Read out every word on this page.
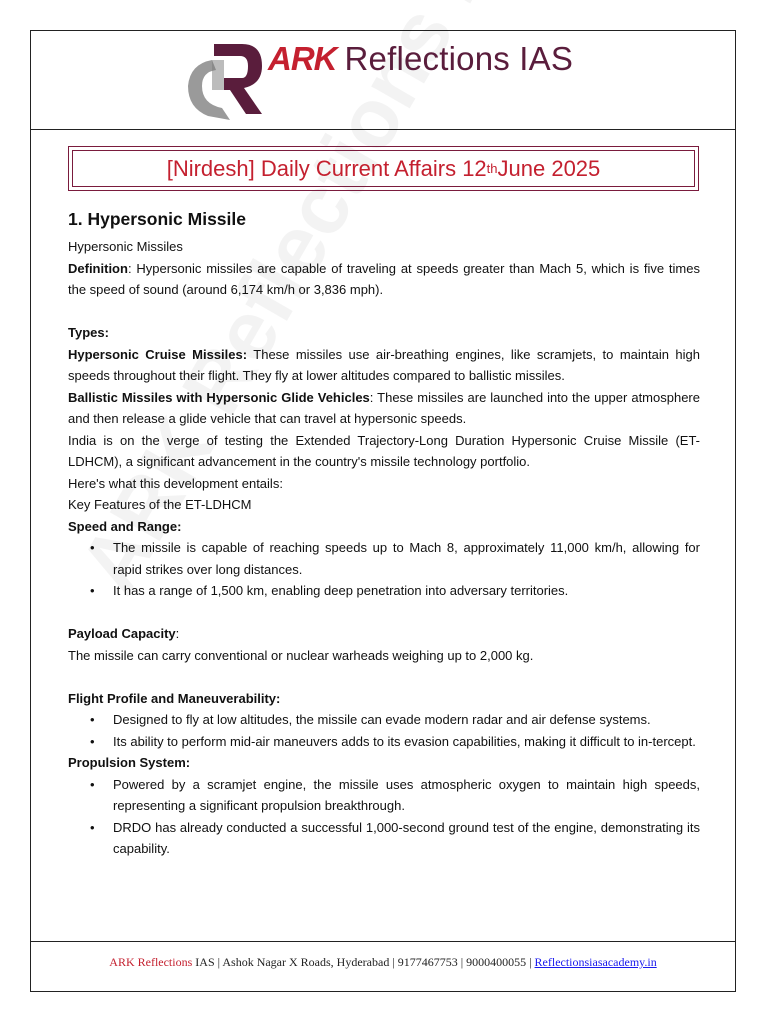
ARK Reflections IAS
[Nirdesh] Daily Current Affairs 12 th June 2025
1. Hypersonic Missile

Hypersonic Missiles

Definition: Hypersonic missiles are capable of traveling at speeds greater than Mach 5, which is five times the speed of sound (around 6,174 km/h or 3,836 mph).

Types:

Hypersonic Cruise Missiles: These missiles use air-breathing engines, like scramjets, to maintain high speeds throughout their flight. They fly at lower altitudes compared to ballistic missiles.

Ballistic Missiles with Hypersonic Glide Vehicles: These missiles are launched into the upper atmosphere and then release a glide vehicle that can travel at hypersonic speeds.

India is on the verge of testing the Extended Trajectory-Long Duration Hypersonic Cruise Missile (ET-LDHCM), a significant advancement in the country's missile technology portfolio.

Here's what this development entails:

Key Features of the ET-LDHCM

Speed and Range:

• The missile is capable of reaching speeds up to Mach 8, approximately 11,000 km/h, allowing for rapid strikes over long distances.
• It has a range of 1,500 km, enabling deep penetration into adversary territories.

Payload Capacity:

The missile can carry conventional or nuclear warheads weighing up to 2,000 kg.

Flight Profile and Maneuverability:

• Designed to fly at low altitudes, the missile can evade modern radar and air defense systems.
• Its ability to perform mid-air maneuvers adds to its evasion capabilities, making it difficult to in-tercept.

Propulsion System:

• Powered by a scramjet engine, the missile uses atmospheric oxygen to maintain high speeds, representing a significant propulsion breakthrough.
• DRDO has already conducted a successful 1,000-second ground test of the engine, demonstrating its capability.
ARK Reflections IAS | Ashok Nagar X Roads, Hyderabad | 9177467753 | 9000400055 | Reflectionsiasacademy.in
